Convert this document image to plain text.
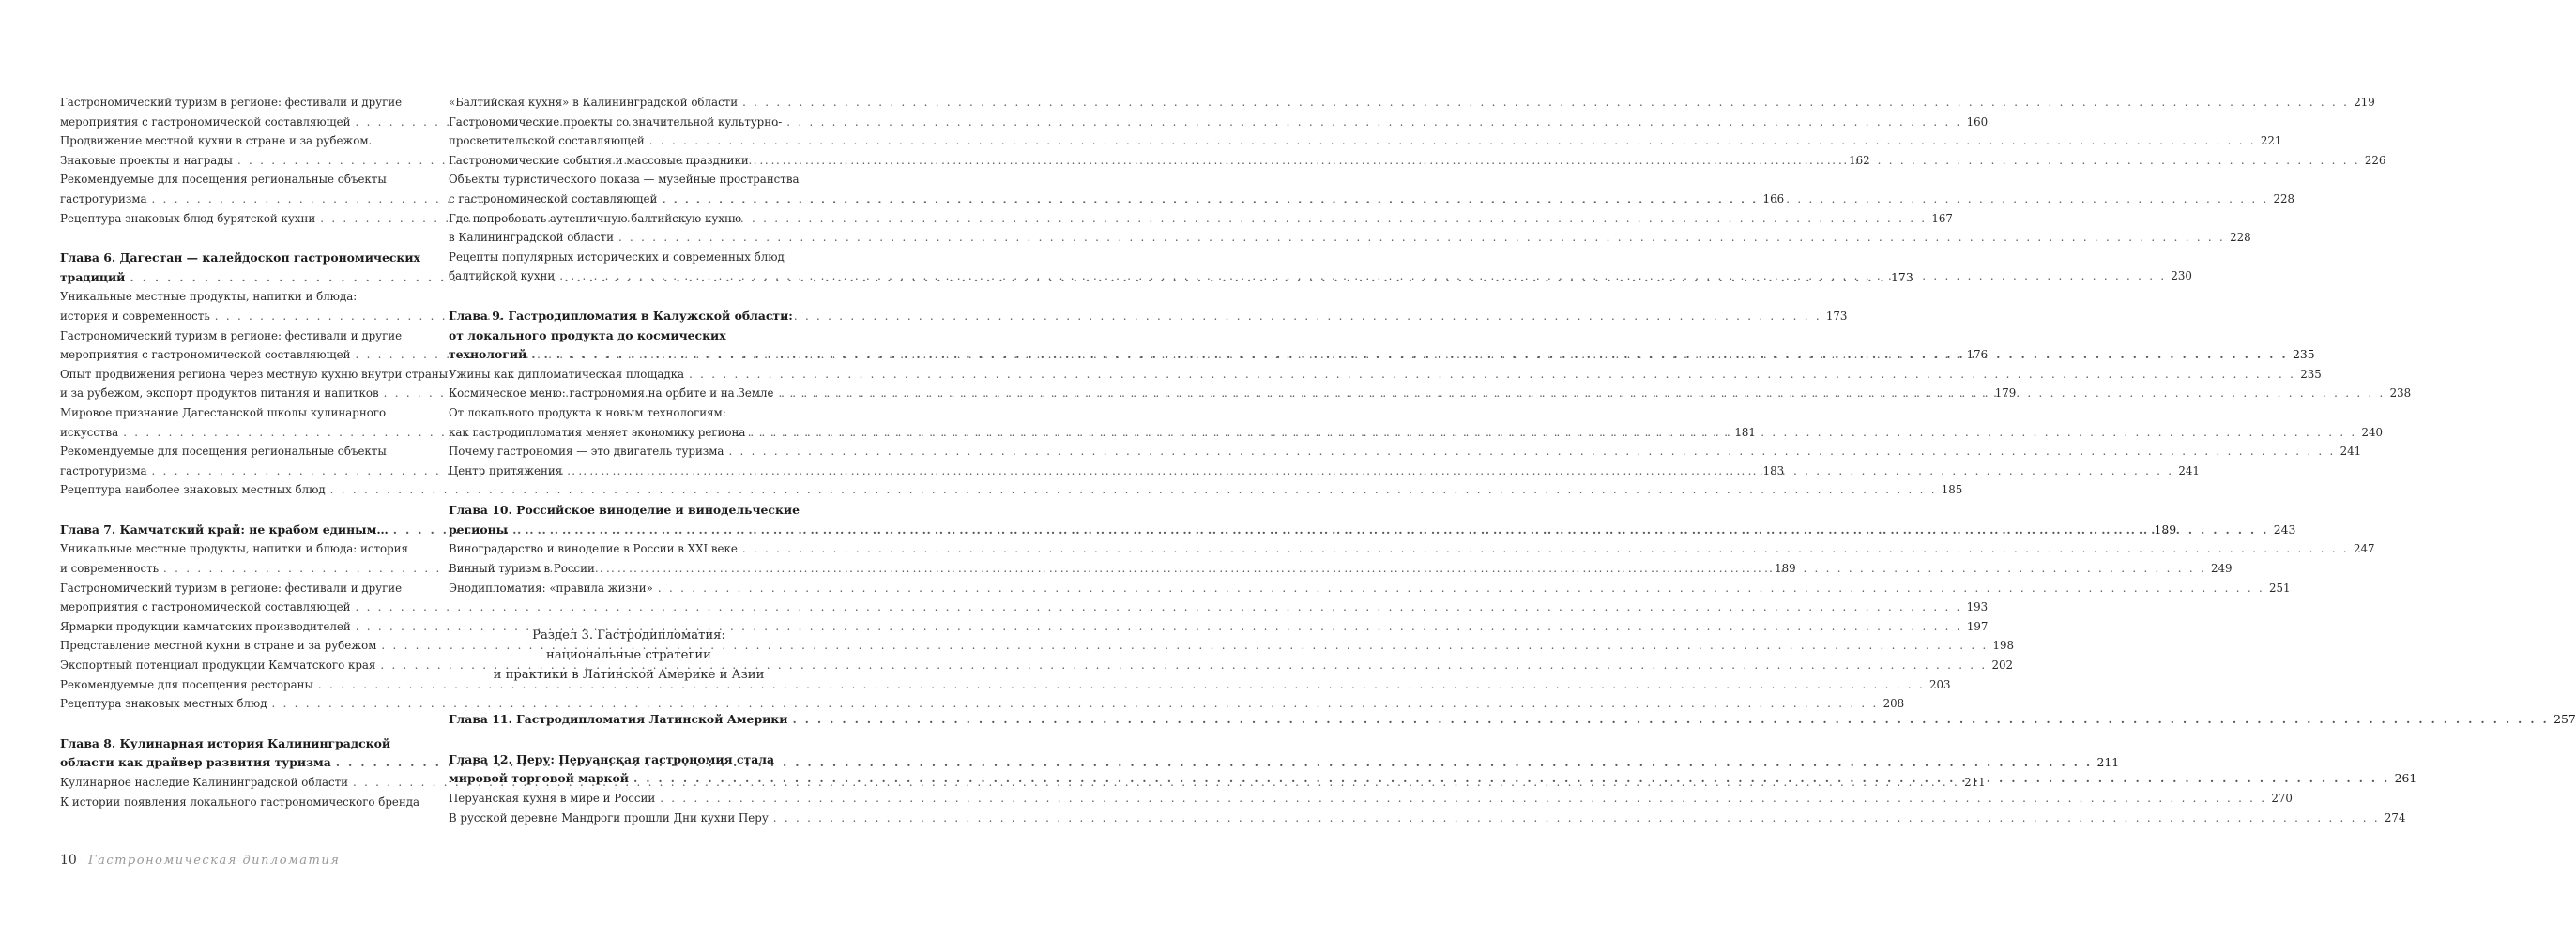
Гастрономический туризм в регионе: фестивали и другие
мероприятия с гастрономической составляющей . . .	160
Продвижение местной кухни в стране и за рубежом.
Знаковые проекты и награды . . .	162
Рекомендуемые для посещения региональные объекты
гастротуризма . . .	166
Рецептура знаковых блюд бурятской кухни . . .	167
Глава 6. Дагестан — калейдоскоп гастрономических
традиций . . .	173
Уникальные местные продукты, напитки и блюда:
история и современность . . .	173
Гастрономический туризм в регионе: фестивали и другие
мероприятия с гастрономической составляющей . . .	176
Опыт продвижения региона через местную кухню внутри страны
и за рубежом, экспорт продуктов питания и напитков . . .	179
Мировое признание Дагестанской школы кулинарного
искусства . . .	181
Рекомендуемые для посещения региональные объекты
гастротуризма . . .	183
Рецептура наиболее знаковых местных блюд . . .	185
Глава 7. Камчатский край: не крабом единым… . . .	189
Уникальные местные продукты, напитки и блюда: история
и современность . . .	189
Гастрономический туризм в регионе: фестивали и другие
мероприятия с гастрономической составляющей . . .	193
Ярмарки продукции камчатских производителей . . .	197
Представление местной кухни в стране и за рубежом . . .	198
Экспортный потенциал продукции Камчатского края . . .	202
Рекомендуемые для посещения рестораны . . .	203
Рецептура знаковых местных блюд . . .	208
Глава 8. Кулинарная история Калининградской
области как драйвер развития туризма . . .	211
Кулинарное наследие Калининградской области . . .	211
К истории появления локального гастрономического бренда
«Балтийская кухня» в Калининградской области . . .	219
Гастрономические проекты со значительной культурно-
просветительской составляющей . . .	221
Гастрономические события и массовые праздники . . .	226
Объекты туристического показа — музейные пространства
с гастрономической составляющей . . .	228
Где попробовать аутентичную балтийскую кухню
в Калининградской области . . .	228
Рецепты популярных исторических и современных блюд
балтийской кухни . . .	230
Глава 9. Гастродипломатия в Калужской области:
от локального продукта до космических
технологий . . .	235
Ужины как дипломатическая площадка . . .	235
Космическое меню: гастрономия на орбите и на Земле . . .	238
От локального продукта к новым технологиям:
как гастродипломатия меняет экономику региона . . .	240
Почему гастрономия — это двигатель туризма . . .	241
Центр притяжения . . .	241
Глава 10. Российское виноделие и винодельческие
регионы . . .	243
Виноградарство и виноделие в России в XXI веке . . .	247
Винный туризм в России . . .	249
Энодипломатия: «правила жизни» . . .	251
Раздел 3. Гастродипломатия:
национальные стратегии
и практики в Латинской Америке и Азии
Глава 11. Гастродипломатия Латинской Америки . . .	257
Глава 12. Перу: Перуанская гастрономия стала
мировой торговой маркой . . .	261
Перуанская кухня в мире и России . . .	270
В русской деревне Мандроги прошли Дни кухни Перу . . .	274
10 Гастрономическая дипломатия
